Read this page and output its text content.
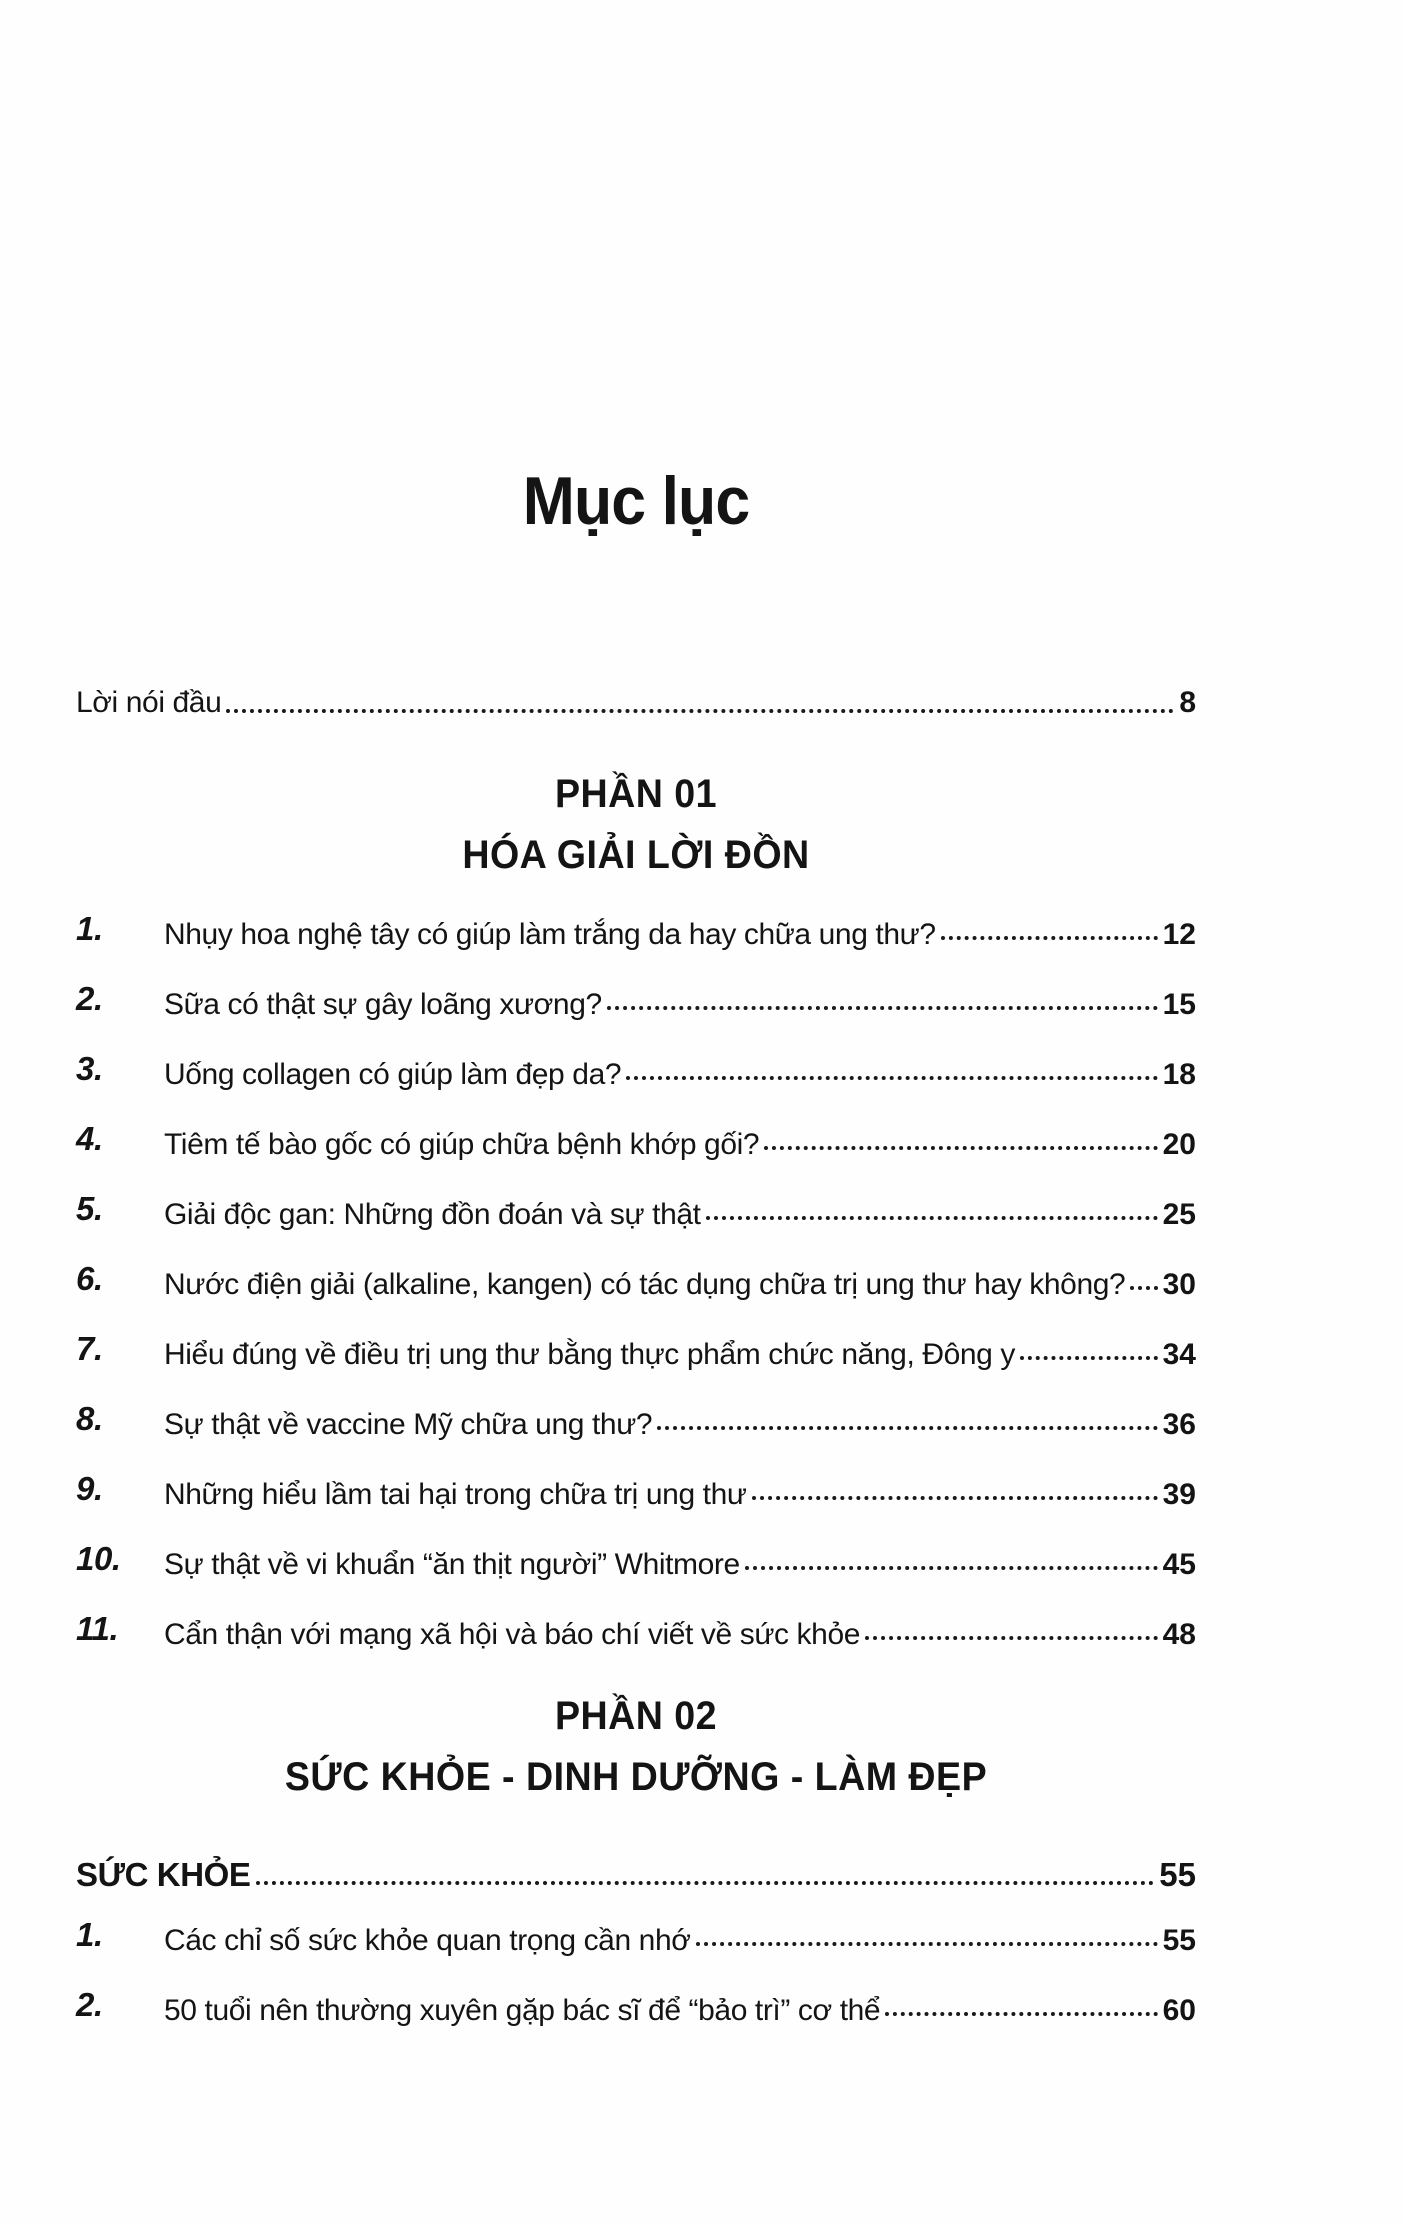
Mục lục
Lời nói đầu	8
PHẦN 01
HÓA GIẢI LỜI ĐỒN
1.	Nhụy hoa nghệ tây có giúp làm trắng da hay chữa ung thư?	12
2.	Sữa có thật sự gây loãng xương?	15
3.	Uống collagen có giúp làm đẹp da?	18
4.	Tiêm tế bào gốc có giúp chữa bệnh khớp gối?	20
5.	Giải độc gan: Những đồn đoán và sự thật	25
6.	Nước điện giải (alkaline, kangen) có tác dụng chữa trị ung thư hay không? 30
7.	Hiểu đúng về điều trị ung thư bằng thực phẩm chức năng, Đông y	34
8.	Sự thật về vaccine Mỹ chữa ung thư?	36
9.	Những hiểu lầm tai hại trong chữa trị ung thư	39
10.	Sự thật về vi khuẩn “ăn thịt người” Whitmore	45
11.	Cẩn thận với mạng xã hội và báo chí viết về sức khỏe	48
PHẦN 02
SỨC KHỎE - DINH DƯỠNG - LÀM ĐẸP
SỨC KHỎE	55
1.	Các chỉ số sức khỏe quan trọng cần nhớ	55
2.	50 tuổi nên thường xuyên gặp bác sĩ để “bảo trì” cơ thể	60
